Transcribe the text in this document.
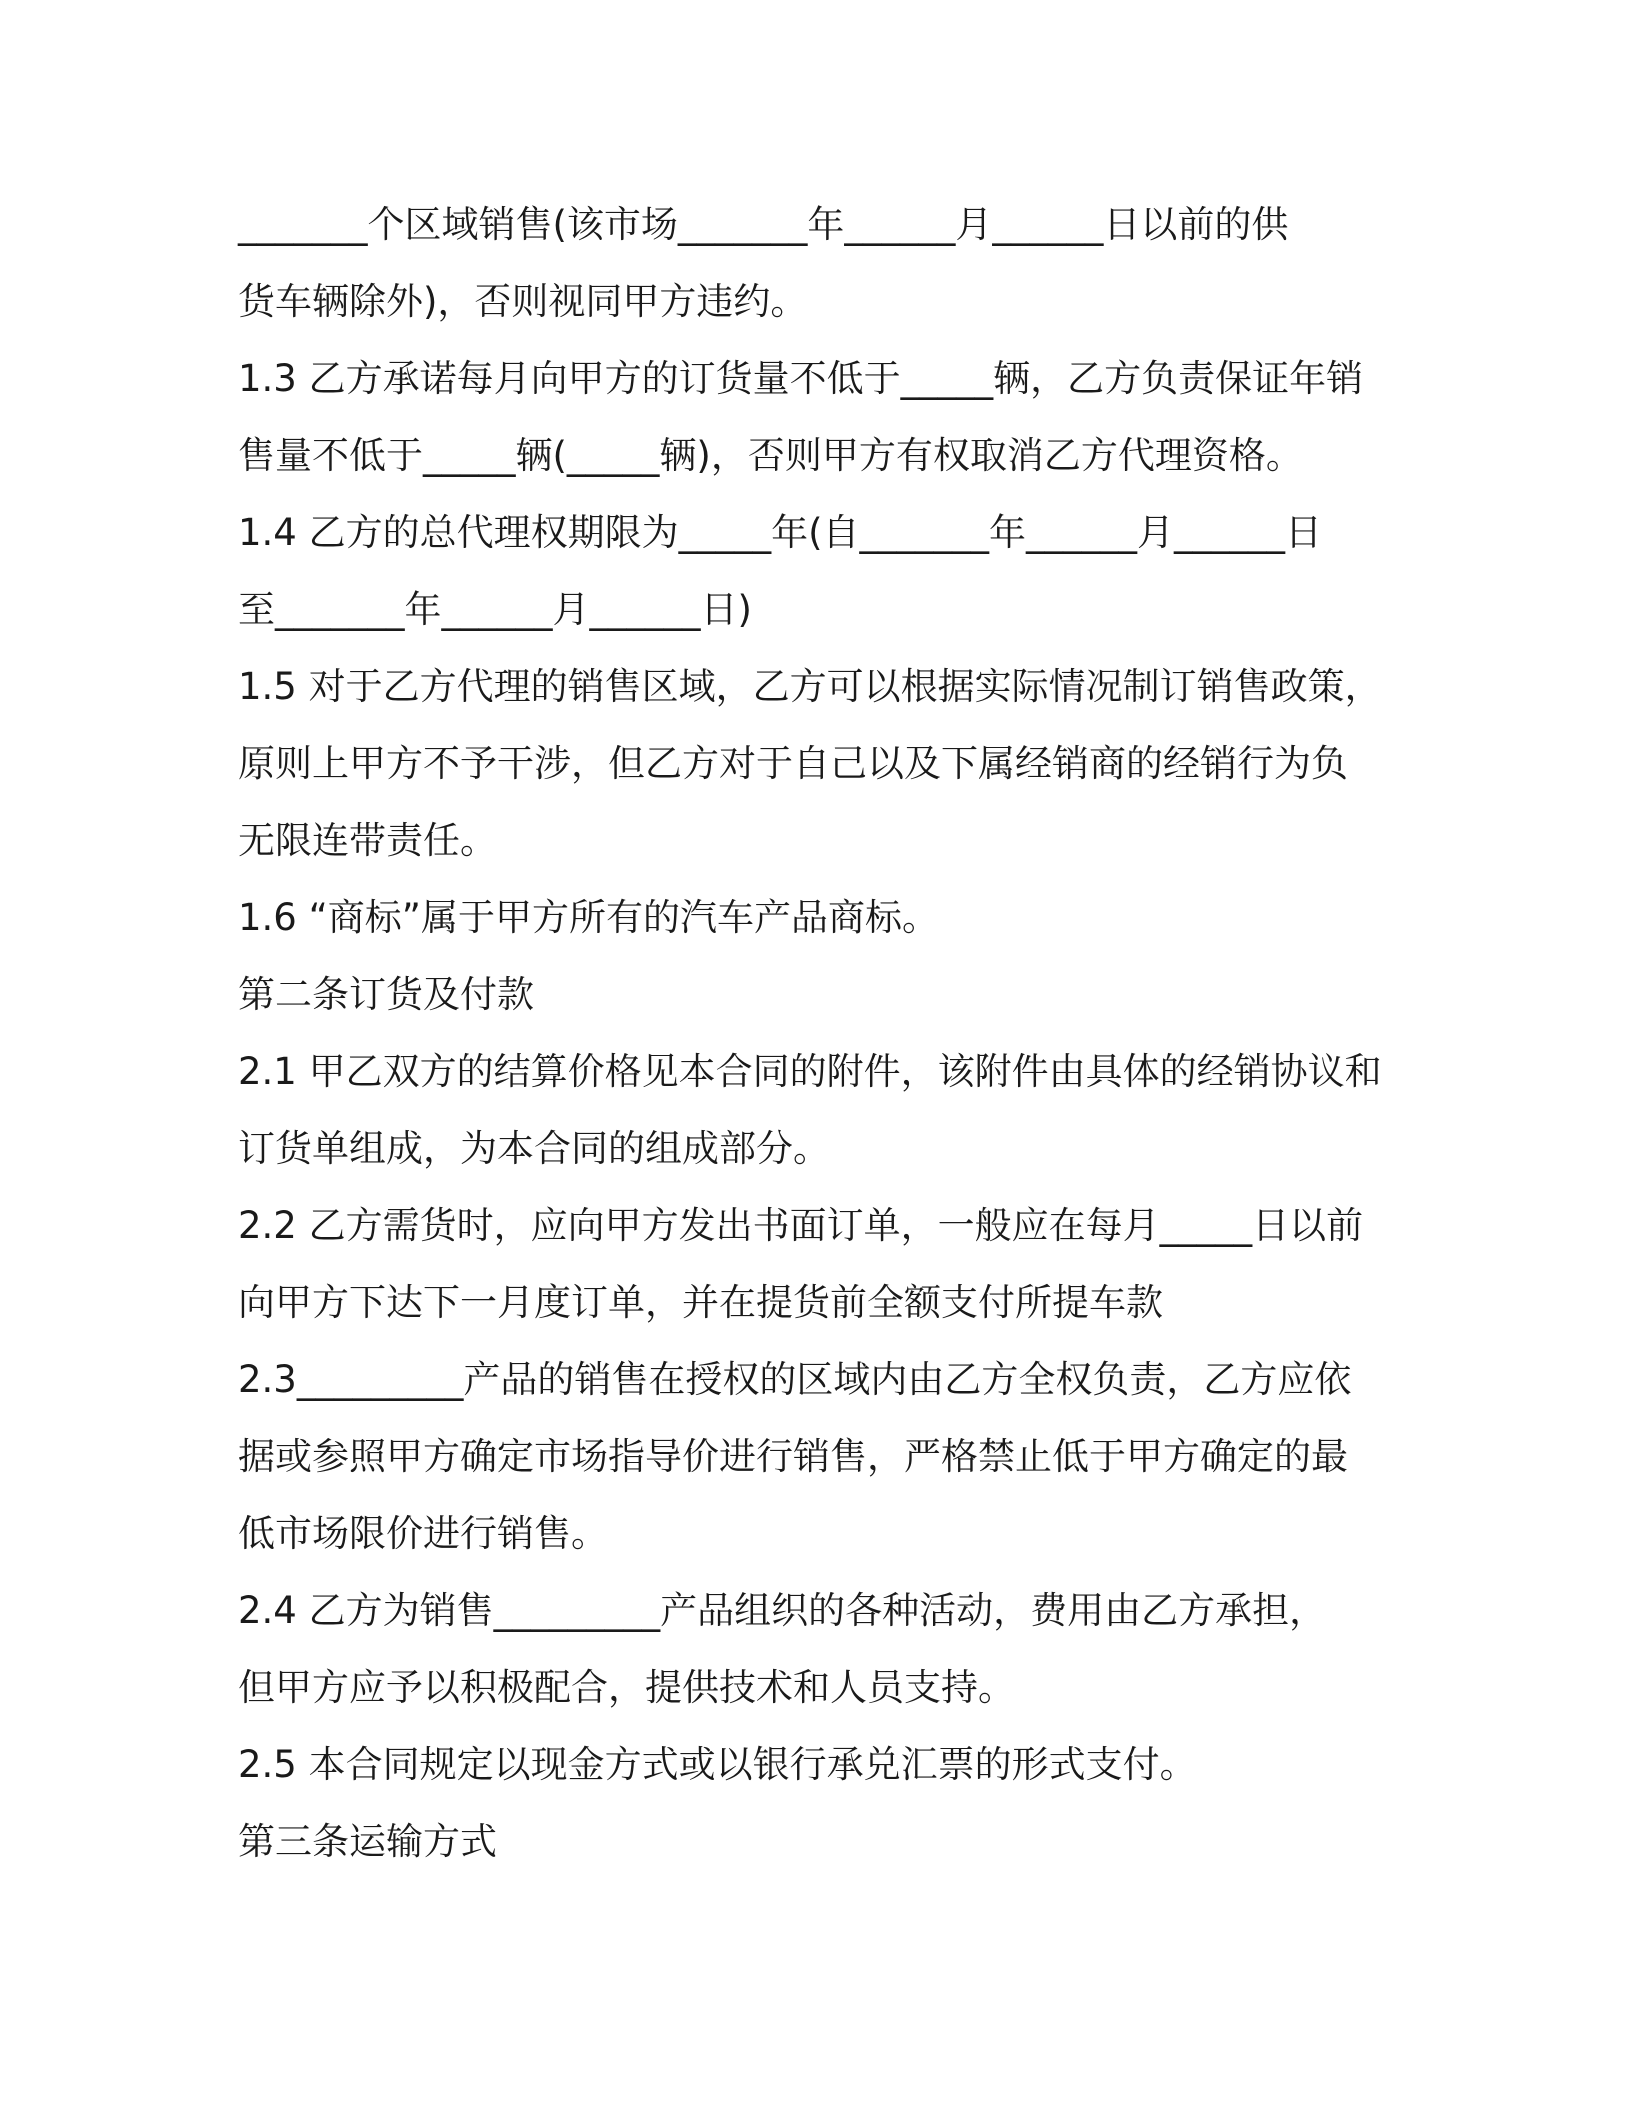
_______个区域销售(该市场_______年______月______日以前的供

货车辆除外)，否则视同甲方违约。

1.3 乙方承诺每月向甲方的订货量不低于_____辆，乙方负责保证年销

售量不低于_____辆(_____辆)，否则甲方有权取消乙方代理资格。

1.4 乙方的总代理权期限为_____年(自_______年______月______日

至_______年______月______日)

1.5 对于乙方代理的销售区域，乙方可以根据实际情况制订销售政策，

原则上甲方不予干涉，但乙方对于自己以及下属经销商的经销行为负

无限连带责任。

1.6 “商标”属于甲方所有的汽车产品商标。

第二条订货及付款

2.1 甲乙双方的结算价格见本合同的附件，该附件由具体的经销协议和

订货单组成，为本合同的组成部分。

2.2 乙方需货时，应向甲方发出书面订单，一般应在每月_____日以前

向甲方下达下一月度订单，并在提货前全额支付所提车款

2.3_________产品的销售在授权的区域内由乙方全权负责，乙方应依

据或参照甲方确定市场指导价进行销售，严格禁止低于甲方确定的最

低市场限价进行销售。

2.4 乙方为销售_________产品组织的各种活动，费用由乙方承担，

但甲方应予以积极配合，提供技术和人员支持。

2.5 本合同规定以现金方式或以银行承兑汇票的形式支付。

第三条运输方式
